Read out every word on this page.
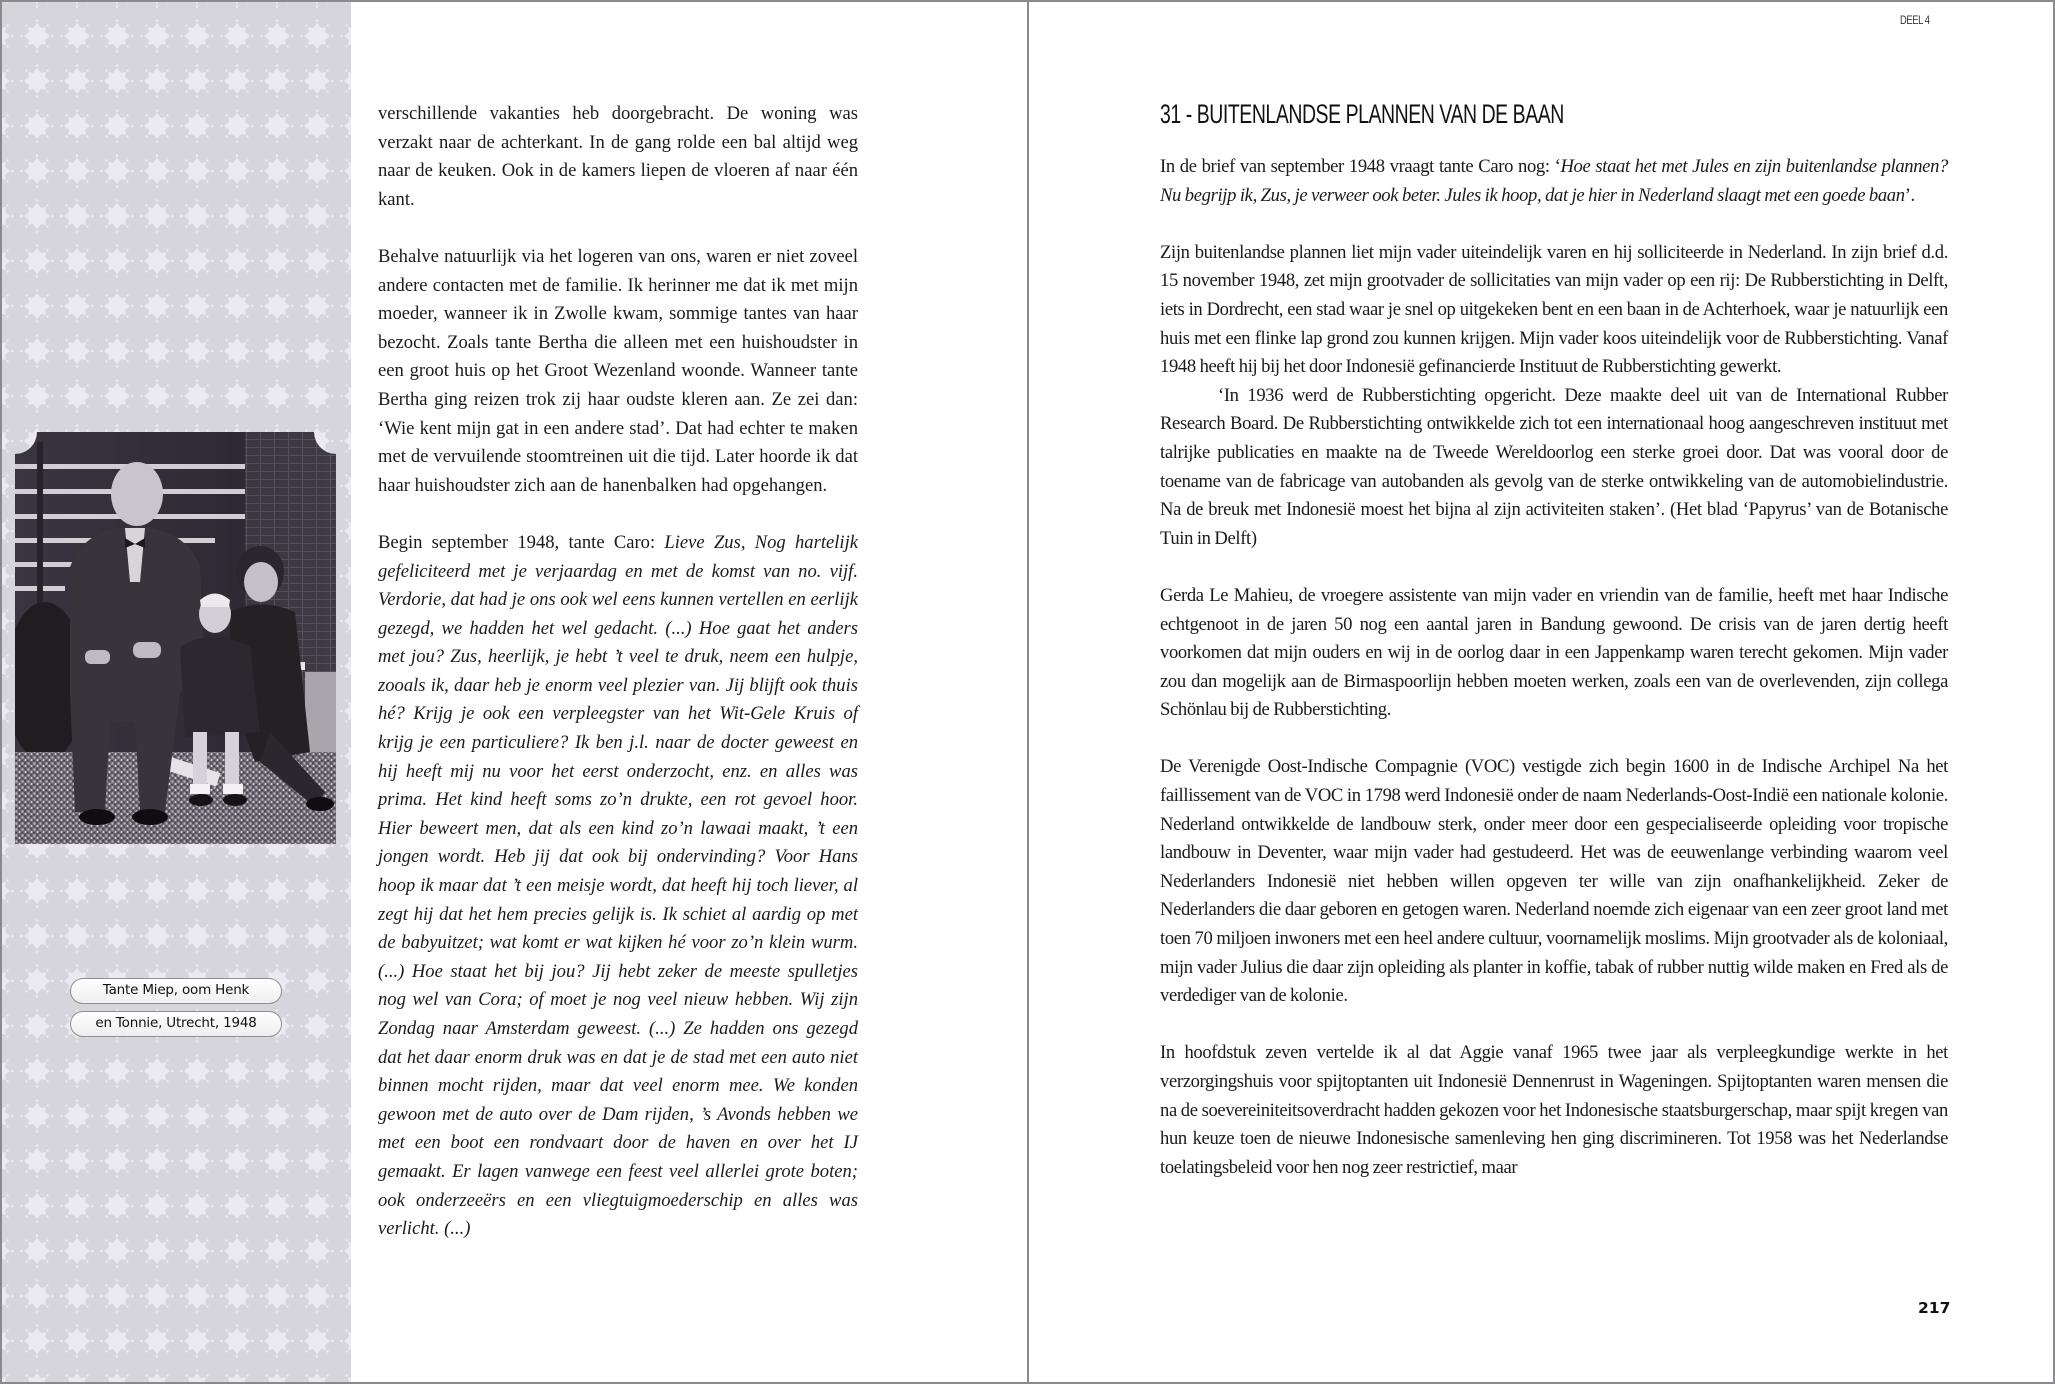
Tante Miep, oom Henk
en Tonnie, Utrecht, 1948

verschillende vakanties heb doorgebracht. De woning was verzakt naar de achterkant. In de gang rolde een bal altijd weg naar de keuken. Ook in de kamers liepen de vloeren af naar één kant.

Behalve natuurlijk via het logeren van ons, waren er niet zoveel andere contacten met de familie. Ik herinner me dat ik met mijn moeder, wanneer ik in Zwolle kwam, sommige tantes van haar bezocht. Zoals tante Bertha die alleen met een huishoudster in een groot huis op het Groot Wezenland woonde. Wanneer tante Bertha ging reizen trok zij haar oudste kleren aan. Ze zei dan: ‘Wie kent mijn gat in een andere stad’. Dat had echter te maken met de vervuilende stoomtreinen uit die tijd. Later hoorde ik dat haar huishoudster zich aan de hanenbalken had opgehangen.

Begin september 1948, tante Caro: Lieve Zus, Nog hartelijk gefeliciteerd met je verjaardag en met de komst van no. vijf. Verdorie, dat had je ons ook wel eens kunnen vertellen en eerlijk gezegd, we hadden het wel gedacht. (...) Hoe gaat het anders met jou? Zus, heerlijk, je hebt ’t veel te druk, neem een hulpje, zooals ik, daar heb je enorm veel plezier van. Jij blijft ook thuis hé? Krijg je ook een verpleegster van het Wit-Gele Kruis of krijg je een particuliere? Ik ben j.l. naar de docter geweest en hij heeft mij nu voor het eerst onderzocht, enz. en alles was prima. Het kind heeft soms zo’n drukte, een rot gevoel hoor. Hier beweert men, dat als een kind zo’n lawaai maakt, ’t een jongen wordt. Heb jij dat ook bij ondervinding? Voor Hans hoop ik maar dat ’t een meisje wordt, dat heeft hij toch liever, al zegt hij dat het hem precies gelijk is. Ik schiet al aardig op met de babyuitzet; wat komt er wat kijken hé voor zo’n klein wurm. (...) Hoe staat het bij jou? Jij hebt zeker de meeste spulletjes nog wel van Cora; of moet je nog veel nieuw hebben. Wij zijn Zondag naar Amsterdam geweest. (...) Ze hadden ons gezegd dat het daar enorm druk was en dat je de stad met een auto niet binnen mocht rijden, maar dat veel enorm mee. We konden gewoon met de auto over de Dam rijden, ’s Avonds hebben we met een boot een rondvaart door de haven en over het IJ gemaakt. Er lagen vanwege een feest veel allerlei grote boten; ook onderzeeërs en een vliegtuigmoederschip en alles was verlicht. (...)

DEEL 4
31 - BUITENLANDSE PLANNEN VAN DE BAAN

In de brief van september 1948 vraagt tante Caro nog: ‘Hoe staat het met Jules en zijn buitenlandse plannen? Nu begrijp ik, Zus, je verweer ook beter. Jules ik hoop, dat je hier in Nederland slaagt met een goede baan’.

Zijn buitenlandse plannen liet mijn vader uiteindelijk varen en hij solliciteerde in Nederland. In zijn brief d.d. 15 november 1948, zet mijn grootvader de sollicitaties van mijn vader op een rij: De Rubberstichting in Delft, iets in Dordrecht, een stad waar je snel op uitgekeken bent en een baan in de Achterhoek, waar je natuurlijk een huis met een flinke lap grond zou kunnen krijgen. Mijn vader koos uiteindelijk voor de Rubberstichting. Vanaf 1948 heeft hij bij het door Indonesië gefinancierde Instituut de Rubberstichting gewerkt.

‘In 1936 werd de Rubberstichting opgericht. Deze maakte deel uit van de International Rubber Research Board. De Rubberstichting ontwikkelde zich tot een internationaal hoog aangeschreven instituut met talrijke publicaties en maakte na de Tweede Wereldoorlog een sterke groei door. Dat was vooral door de toename van de fabricage van autobanden als gevolg van de sterke ontwikkeling van de automobielindustrie. Na de breuk met Indonesië moest het bijna al zijn activiteiten staken’. (Het blad ‘Papyrus’ van de Botanische Tuin in Delft)

Gerda Le Mahieu, de vroegere assistente van mijn vader en vriendin van de familie, heeft met haar Indische echtgenoot in de jaren 50 nog een aantal jaren in Bandung gewoond. De crisis van de jaren dertig heeft voorkomen dat mijn ouders en wij in de oorlog daar in een Jappenkamp waren terecht gekomen. Mijn vader zou dan mogelijk aan de Birmaspoorlijn hebben moeten werken, zoals een van de overlevenden, zijn collega Schönlau bij de Rubberstichting.

De Verenigde Oost-Indische Compagnie (VOC) vestigde zich begin 1600 in de Indische Archipel Na het faillissement van de VOC in 1798 werd Indonesië onder de naam Nederlands-Oost-Indië een nationale kolonie. Nederland ontwikkelde de landbouw sterk, onder meer door een gespecialiseerde opleiding voor tropische landbouw in Deventer, waar mijn vader had gestudeerd. Het was de eeuwenlange verbinding waarom veel Nederlanders Indonesië niet hebben willen opgeven ter wille van zijn onafhankelijkheid. Zeker de Nederlanders die daar geboren en getogen waren. Nederland noemde zich eigenaar van een zeer groot land met toen 70 miljoen inwoners met een heel andere cultuur, voornamelijk moslims. Mijn grootvader als de koloniaal, mijn vader Julius die daar zijn opleiding als planter in koffie, tabak of rubber nuttig wilde maken en Fred als de verdediger van de kolonie.

In hoofdstuk zeven vertelde ik al dat Aggie vanaf 1965 twee jaar als verpleegkundige werkte in het verzorgingshuis voor spijtoptanten uit Indonesië Dennenrust in Wageningen. Spijtoptanten waren mensen die na de soevereiniteitsoverdracht hadden gekozen voor het Indonesische staatsburgerschap, maar spijt kregen van hun keuze toen de nieuwe Indonesische samenleving hen ging discrimineren. Tot 1958 was het Nederlandse toelatingsbeleid voor hen nog zeer restrictief, maar

217
